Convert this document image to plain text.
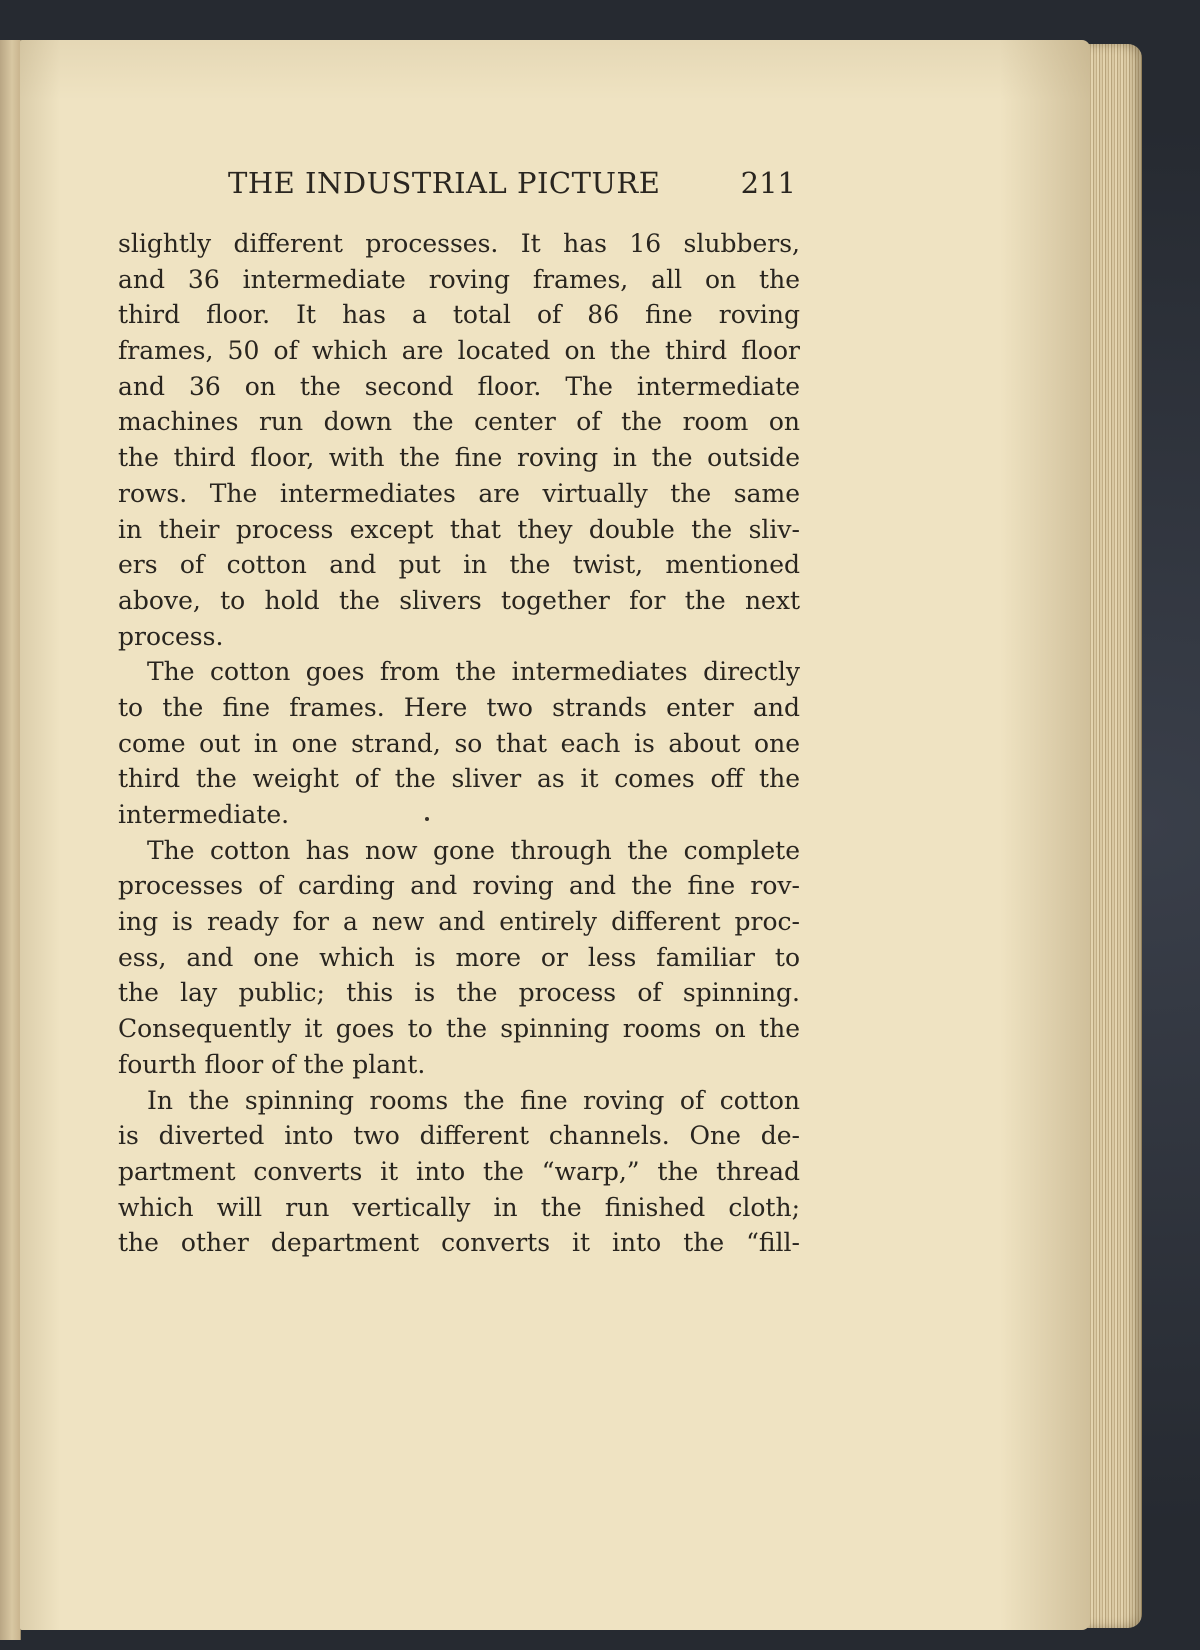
THE INDUSTRIAL PICTURE	211
slightly different processes. It has 16 slubbers,
and 36 intermediate roving frames, all on the
third floor. It has a total of 86 fine roving
frames, 50 of which are located on the third floor
and 36 on the second floor. The intermediate
machines run down the center of the room on
the third floor, with the fine roving in the outside
rows. The intermediates are virtually the same
in their process except that they double the sliv-
ers of cotton and put in the twist, mentioned
above, to hold the slivers together for the next
process.
The cotton goes from the intermediates directly
to the fine frames. Here two strands enter and
come out in one strand, so that each is about one
third the weight of the sliver as it comes off the
intermediate.
The cotton has now gone through the complete
processes of carding and roving and the fine rov-
ing is ready for a new and entirely different proc-
ess, and one which is more or less familiar to
the lay public; this is the process of spinning.
Consequently it goes to the spinning rooms on the
fourth floor of the plant.
In the spinning rooms the fine roving of cotton
is diverted into two different channels. One de-
partment converts it into the “warp,” the thread
which will run vertically in the finished cloth;
the other department converts it into the “fill-
